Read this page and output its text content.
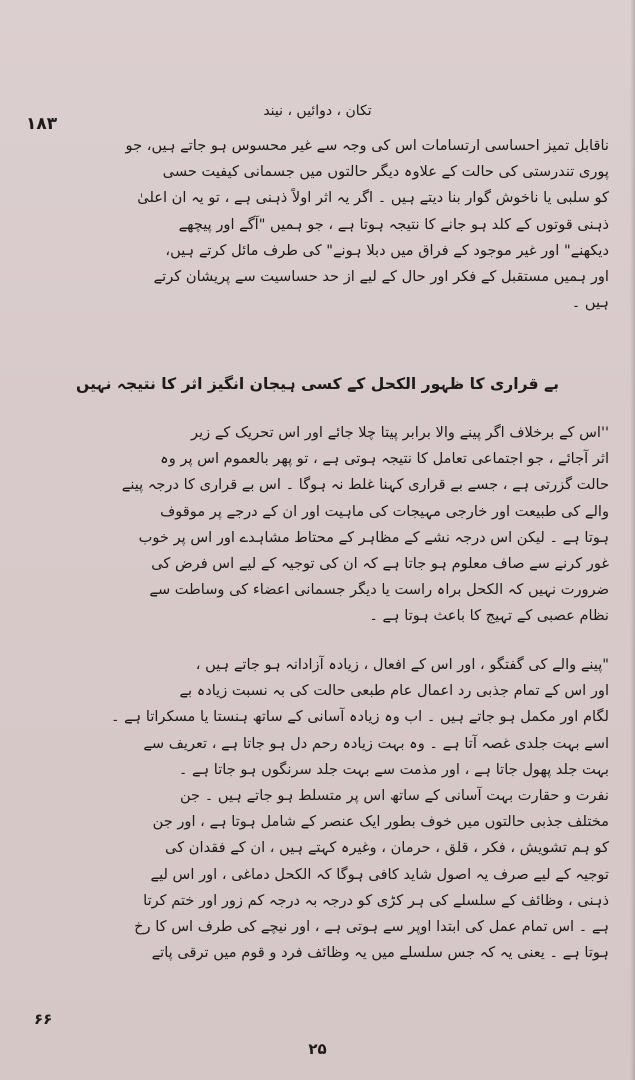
۱۸۳
تکان ، دوائیں ، نیند

ناقابل تمیز احساسی ارتسامات اس کی وجہ سے غیر محسوس ہو جاتے ہیں، جو
پوری تندرستی کی حالت کے علاوہ دیگر حالتوں میں جسمانی کیفیت حسی
کو سلبی یا ناخوش گوار بنا دیتے ہیں ۔ اگر یہ اثر اولاً ذہنی ہے ، تو یہ ان اعلیٰ
ذہنی قوتوں کے کلد ہو جانے کا نتیجہ ہوتا ہے ، جو ہمیں "آگے اور پیچھے
دیکھنے" اور غیر موجود کے فراق میں دبلا ہونے" کی طرف مائل کرتے ہیں،
اور ہمیں مستقبل کے فکر اور حال کے لیے از حد حساسیت سے پریشان کرتے
ہیں ۔

بے قراری کا ظہور الکحل کے کسی ہیجان انگیز اثر کا نتیجہ نہیں

''اس کے برخلاف اگر پینے والا برابر پیتا چلا جائے اور اس تحریک کے زیر
اثر آجائے ، جو اجتماعی تعامل کا نتیجہ ہوتی ہے ، تو پھر بالعموم اس پر وہ
حالت گزرتی ہے ، جسے بے قراری کہنا غلط نہ ہوگا ۔ اس بے قراری کا درجہ پینے
والے کی طبیعت اور خارجی مہیجات کی ماہیت اور ان کے درجے پر موقوف
ہوتا ہے ۔ لیکن اس درجہ نشے کے مظاہر کے محتاط مشاہدے اور اس پر خوب
غور کرنے سے صاف معلوم ہو جاتا ہے کہ ان کی توجیہ کے لیے اس فرض کی
ضرورت نہیں کہ الکحل براہ راست یا دیگر جسمانی اعضاء کی وساطت سے
نظام عصبی کے تہیج کا باعث ہوتا ہے ۔

"پینے والے کی گفتگو ، اور اس کے افعال ، زیادہ آزادانہ ہو جاتے ہیں ،
اور اس کے تمام جذبی رد اعمال عام طبعی حالت کی بہ نسبت زیادہ بے
لگام اور مکمل ہو جاتے ہیں ۔ اب وہ زیادہ آسانی کے ساتھ ہنستا یا مسکراتا ہے ۔
اسے بہت جلدی غصہ آتا ہے ۔ وہ بہت زیادہ رحم دل ہو جاتا ہے ، تعریف سے
بہت جلد پھول جاتا ہے ، اور مذمت سے بہت جلد سرنگوں ہو جاتا ہے ۔
نفرت و حقارت بہت آسانی کے ساتھ اس پر متسلط ہو جاتے ہیں ۔ جن
مختلف جذبی حالتوں میں خوف بطور ایک عنصر کے شامل ہوتا ہے ، اور جن
کو ہم تشویش ، فکر ، قلق ، حرمان ، وغیرہ کہتے ہیں ، ان کے فقدان کی
توجیہ کے لیے صرف یہ اصول شاید کافی ہوگا کہ الکحل دماغی ، اور اس لیے
ذہنی ، وظائف کے سلسلے کی ہر کڑی کو درجہ بہ درجہ کم زور اور ختم کرتا
ہے ۔ اس تمام عمل کی ابتدا اوپر سے ہوتی ہے ، اور نیچے کی طرف اس کا رخ
ہوتا ہے ۔ یعنی یہ کہ جس سلسلے میں یہ وظائف فرد و قوم میں ترقی پاتے

۶۶
۲۵
